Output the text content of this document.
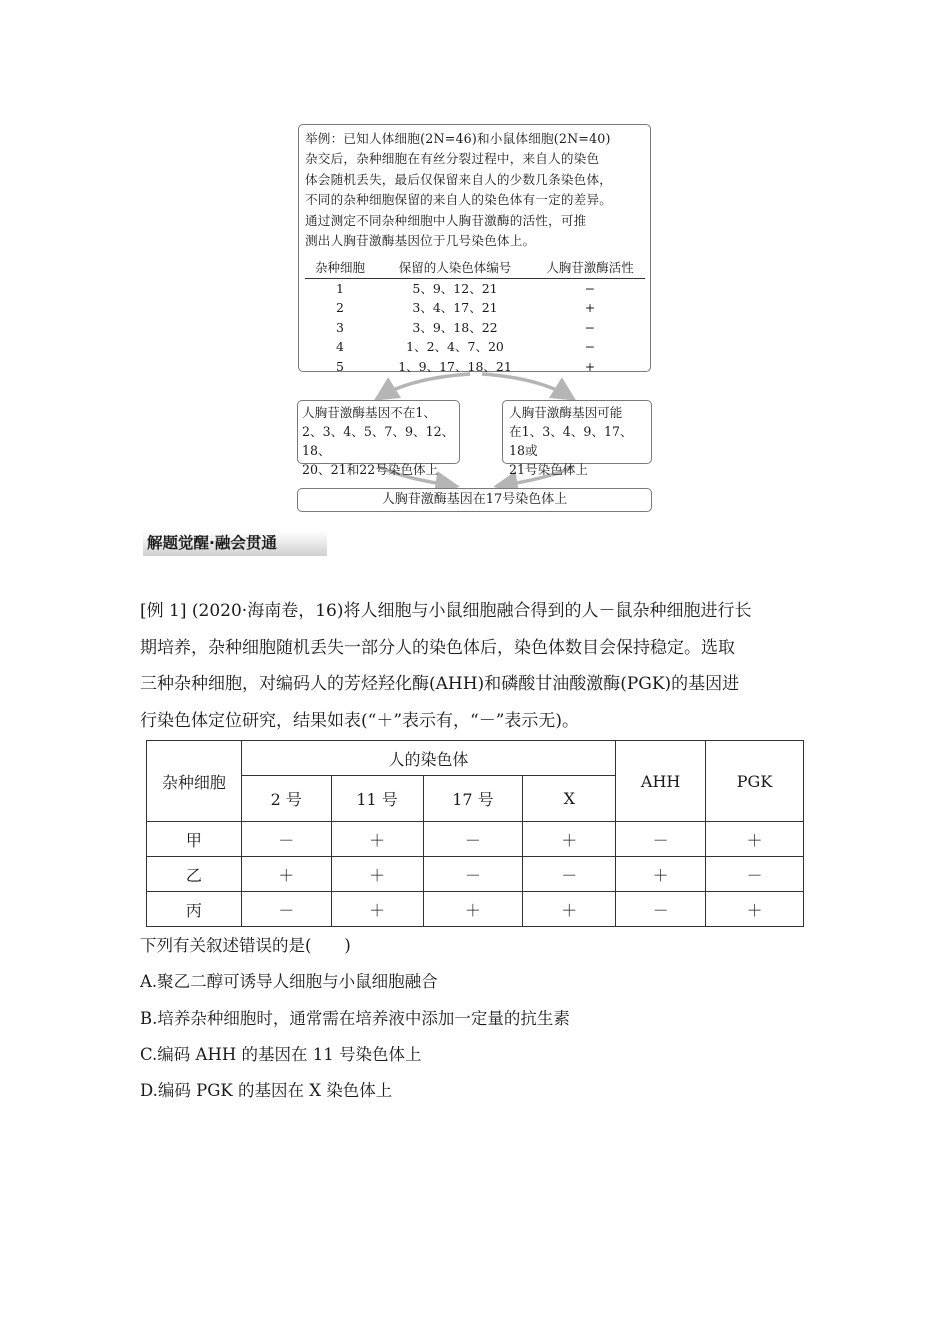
举例：已知人体细胞(2N=46)和小鼠体细胞(2N=40)
杂交后，杂种细胞在有丝分裂过程中，来自人的染色
体会随机丢失，最后仅保留来自人的少数几条染色体，
不同的杂种细胞保留的来自人的染色体有一定的差异。
通过测定不同杂种细胞中人胸苷激酶的活性，可推
测出人胸苷激酶基因位于几号染色体上。
杂种细胞	保留的人染色体编号	人胸苷激酶活性
1	5、9、12、21	−
2	3、4、17、21	+
3	3、9、18、22	−
4	1、2、4、7、20	−
5	1、9、17、18、21	+
人胸苷激酶基因不在1、
2、3、4、5、7、9、12、18、
20、21和22号染色体上
人胸苷激酶基因可能
在1、3、4、9、17、18或
21号染色体上
人胸苷激酶基因在17号染色体上
解题觉醒·融会贯通
[例 1] (2020·海南卷，16)将人细胞与小鼠细胞融合得到的人－鼠杂种细胞进行长
期培养，杂种细胞随机丢失一部分人的染色体后，染色体数目会保持稳定。选取
三种杂种细胞，对编码人的芳烃羟化酶(AHH)和磷酸甘油酸激酶(PGK)的基因进
行染色体定位研究，结果如表(“＋”表示有，“－”表示无)。
杂种细胞	人的染色体				AHH	PGK
	2 号	11 号	17 号	X		
甲	－	＋	－	＋	－	＋
乙	＋	＋	－	－	＋	－
丙	－	＋	＋	＋	－	＋
下列有关叙述错误的是(　　)
A.聚乙二醇可诱导人细胞与小鼠细胞融合
B.培养杂种细胞时，通常需在培养液中添加一定量的抗生素
C.编码 AHH 的基因在 11 号染色体上
D.编码 PGK 的基因在 X 染色体上
